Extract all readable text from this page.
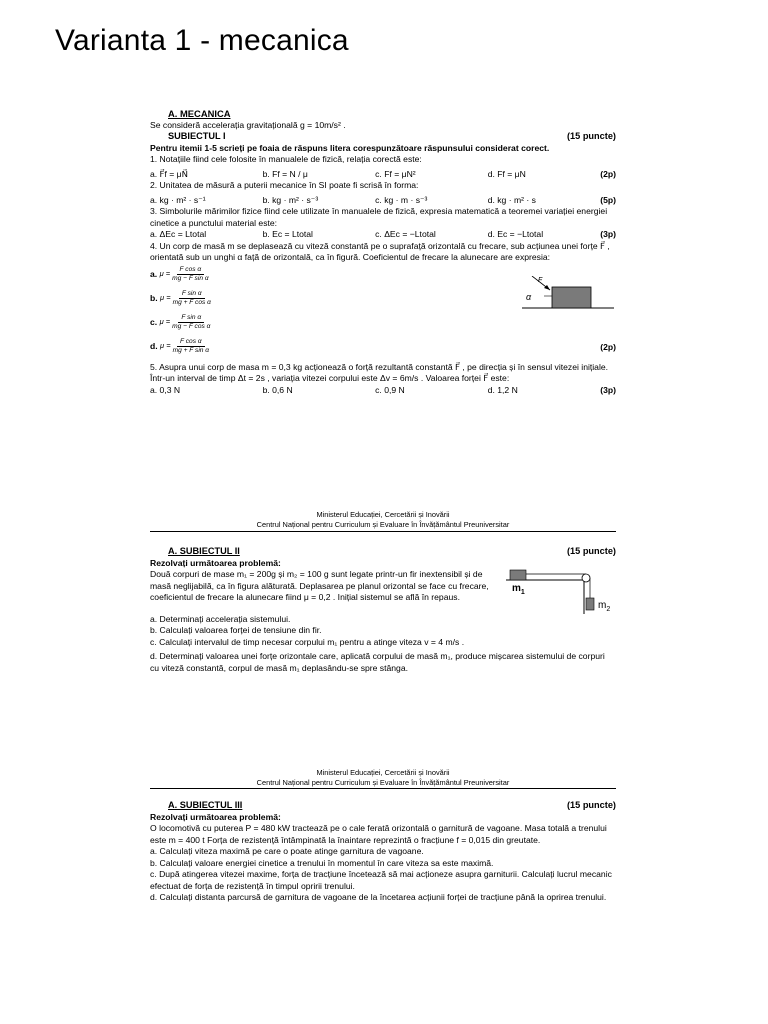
Varianta 1 - mecanica
A. MECANICA
Se consideră accelerația gravitațională g = 10m/s² .
SUBIECTUL I	(15 puncte)
Pentru itemii 1-5 scrieți pe foaia de răspuns litera corespunzătoare răspunsului considerat corect.
1. Notațiile fiind cele folosite în manualele de fizică, relația corectă este:
a. F⃗f = μN⃗	b. Ff = N / μ	c. Ff = μN²	d. Ff = μN	(2p)
2. Unitatea de măsură a puterii mecanice în SI poate fi scrisă în forma:
a. kg · m² · s⁻¹	b. kg · m² · s⁻³	c. kg · m · s⁻³	d. kg · m² · s	(5p)
3. Simbolurile mărimilor fizice fiind cele utilizate în manualele de fizică, expresia matematică a teoremei variației energiei cinetice a punctului material este:
a. ΔEc = Ltotal	b. Ec = Ltotal	c. ΔEc = −Ltotal	d. Ec = −Ltotal	(3p)
4. Un corp de masă m se deplasează cu viteză constantă pe o suprafață orizontală cu frecare, sub acțiunea unei forțe F⃗ , orientată sub un unghi α față de orizontală, ca în figură. Coeficientul de frecare la alunecare are expresia:
a. $\mu = \frac{\text{F cos α}}{\text{mg − F sin α}}$
b. $\mu = \frac{\text{F sin α}}{\text{mg + F cos α}}$
c. $\mu = \frac{\text{F sin α}}{\text{mg − F cos α}}$
d. $\mu = \frac{\text{F cos α}}{\text{mg + F sin α}}$	(2p)
α
F
5. Asupra unui corp de masa m = 0,3 kg acționează o forță rezultantă constantă F⃗ , pe direcția și în sensul vitezei inițiale. Într-un interval de timp Δt = 2s , variația vitezei corpului este Δv = 6m/s . Valoarea forței F⃗ este:
a. 0,3 N	b. 0,6 N	c. 0,9 N	d. 1,2 N	(3p)
Ministerul Educației, Cercetării și Inovării
Centrul Național pentru Curriculum și Evaluare în Învățământul Preuniversitar
A. SUBIECTUL II	(15 puncte)
Rezolvați următoarea problemă:
Două corpuri de mase m₁ = 200g și m₂ = 100 g sunt legate printr-un fir inextensibil și de masă neglijabilă, ca în figura alăturată. Deplasarea pe planul orizontal se face cu frecare, coeficientul de frecare la alunecare fiind μ = 0,2 . Inițial sistemul se află în repaus.
$m_1$
$m_2$
a. Determinați accelerația sistemului.
b. Calculați valoarea forței de tensiune din fir.
c. Calculați intervalul de timp necesar corpului m₁ pentru a atinge viteza v = 4 m/s .
d. Determinați valoarea unei forțe orizontale care, aplicată corpului de masă m₁, produce mișcarea sistemului de corpuri cu viteză constantă, corpul de masă m₁ deplasându-se spre stânga.
Ministerul Educației, Cercetării și Inovării
Centrul Național pentru Curriculum și Evaluare în Învățământul Preuniversitar
A. SUBIECTUL III	(15 puncte)
Rezolvați următoarea problemă:
O locomotivă cu puterea P = 480 kW tractează pe o cale ferată orizontală o garnitură de vagoane. Masa totală a trenului este m = 400 t Forța de rezistență întâmpinată la înaintare reprezintă o fracțiune f = 0,015 din greutate.
a. Calculați viteza maximă pe care o poate atinge garnitura de vagoane.
b. Calculați valoare energiei cinetice a trenului în momentul în care viteza sa este maximă.
c. După atingerea vitezei maxime, forța de tracțiune încetează să mai acționeze asupra garniturii. Calculați lucrul mecanic efectuat de forța de rezistență în timpul opririi trenului.
d. Calculați distanta parcursă de garnitura de vagoane de la încetarea acțiunii forței de tracțiune până la oprirea trenului.
